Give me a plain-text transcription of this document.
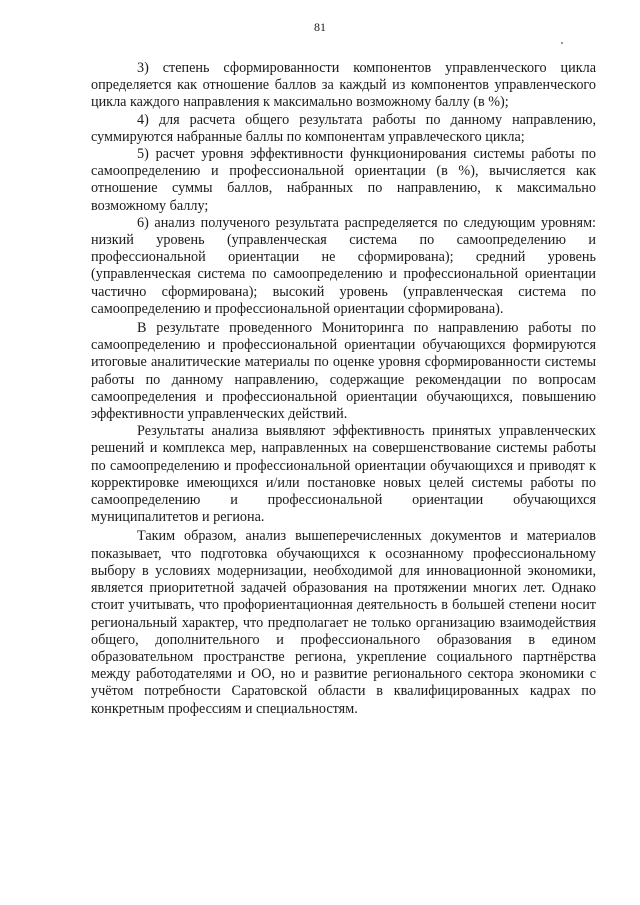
81

3) степень сформированности компонентов управленческого цикла определяется как отношение баллов за каждый из компонентов управленческого цикла каждого направления к максимально возможному баллу (в %);

4) для расчета общего результата работы по данному направлению, суммируются набранные баллы по компонентам управлеческого цикла;

5) расчет уровня эффективности функционирования системы работы по самоопределению и профессиональной ориентации (в %), вычисляется как отношение суммы баллов, набранных по направлению, к максимально возможному баллу;

6) анализ полученого результата распределяется по следующим уровням: низкий уровень (управленческая система по самоопределению и профессиональной ориентации не сформирована); средний уровень (управленческая система по самоопределению и профессиональной ориентации частично сформирована); высокий уровень (управленческая система по самоопределению и профессиональной ориентации сформирована).

В результате проведенного Мониторинга по направлению работы по самоопределению и профессиональной ориентации обучающихся формируются итоговые аналитические материалы по оценке уровня сформированности системы работы по данному направлению, содержащие рекомендации по вопросам самоопределения и профессиональной ориентации обучающихся, повышению эффективности управленческих действий.

Результаты анализа выявляют эффективность принятых управленческих решений и комплекса мер, направленных на совершенствование системы работы по самоопределению и профессиональной ориентации обучающихся и приводят к корректировке имеющихся и/или постановке новых целей системы работы по самоопределению и профессиональной ориентации обучающихся муниципалитетов и региона.

Таким образом, анализ вышеперечисленных документов и материалов показывает, что подготовка обучающихся к осознанному профессиональному выбору в условиях модернизации, необходимой для инновационной экономики, является приоритетной задачей образования на протяжении многих лет. Однако стоит учитывать, что профориентационная деятельность в большей степени носит региональный характер, что предполагает не только организацию взаимодействия общего, дополнительного и профессионального образования в едином образовательном пространстве региона, укрепление социального партнёрства между работодателями и ОО, но и развитие регионального сектора экономики с учётом потребности Саратовской области в квалифицированных кадрах по конкретным профессиям и специальностям.
